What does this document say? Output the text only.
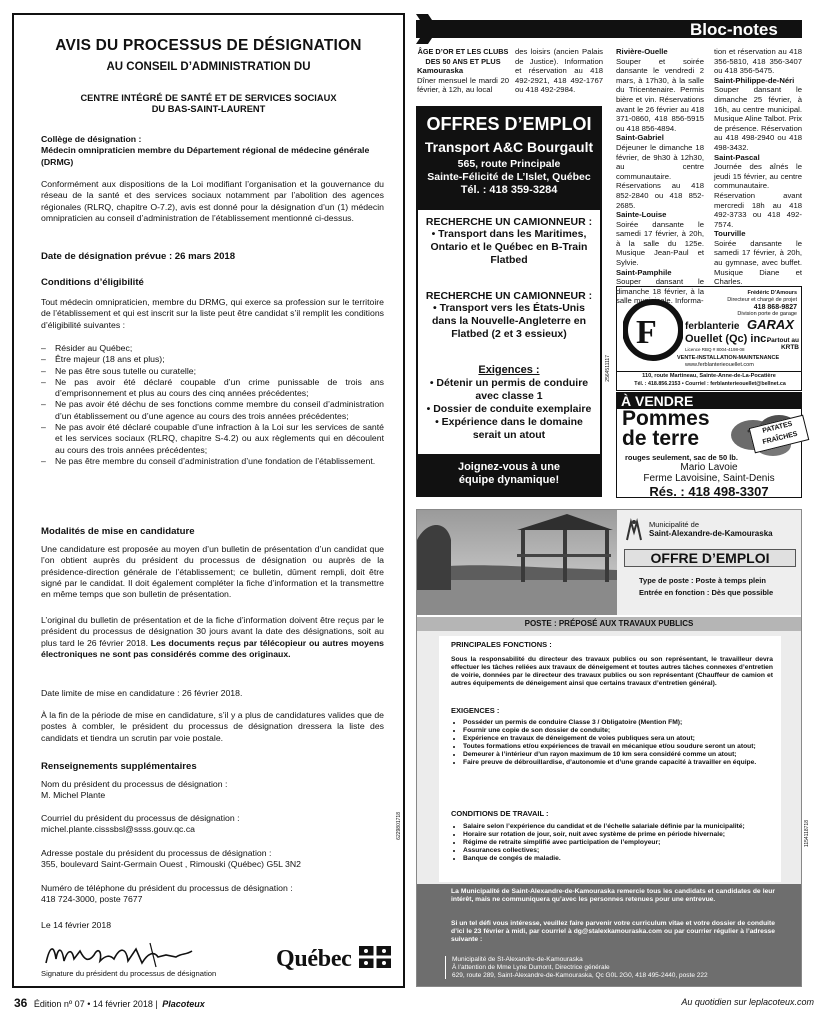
AVIS DU PROCESSUS DE DÉSIGNATION
AU CONSEIL D’ADMINISTRATION DU
CENTRE INTÉGRÉ DE SANTÉ ET DE SERVICES SOCIAUX
DU BAS-SAINT-LAURENT
Collège de désignation :
Médecin omnipraticien membre du Département régional de médecine générale (DRMG)
Conformément aux dispositions de la Loi modifiant l’organisation et la gouvernance du réseau de la santé et des services sociaux notamment par l’abolition des agences régionales (RLRQ, chapitre O-7.2), avis est donné pour la désignation d’un (1) médecin omnipraticien au conseil d’administration de l’établissement mentionné ci-dessus.
Date de désignation prévue : 26 mars 2018
Conditions d’éligibilité
Tout médecin omnipraticien, membre du DRMG, qui exerce sa profession sur le territoire de l’établissement et qui est inscrit sur la liste peut être candidat s’il remplit les conditions d’éligibilité suivantes :
– Résider au Québec;
– Être majeur (18 ans et plus);
– Ne pas être sous tutelle ou curatelle;
– Ne pas avoir été déclaré coupable d’un crime punissable de trois ans d’emprisonnement et plus au cours des cinq années précédentes;
– Ne pas avoir été déchu de ses fonctions comme membre du conseil d’administration d’un établissement ou d’une agence au cours des trois années précédentes;
– Ne pas avoir été déclaré coupable d’une infraction à la Loi sur les services de santé et les services sociaux (RLRQ, chapitre S-4.2) ou aux règlements qui en découlent au cours des trois années précédentes;
– Ne pas être membre du conseil d’administration d’une fondation de l’établissement.
Modalités de mise en candidature
Une candidature est proposée au moyen d’un bulletin de présentation d’un candidat que l’on obtient auprès du président du processus de désignation ou auprès de la présidence-direction générale de l’établissement; ce bulletin, dûment rempli, doit être signé par le candidat. Il doit également compléter la fiche d’information et la transmettre en même temps que son bulletin de présentation.
L’original du bulletin de présentation et de la fiche d’information doivent être reçus par le président du processus de désignation 30 jours avant la date des désignations, soit au plus tard le 26 février 2018. Les documents reçus par télécopieur ou autres moyens électroniques ne sont pas considérés comme des originaux.
Date limite de mise en candidature : 26 février 2018.
À la fin de la période de mise en candidature, s’il y a plus de candidatures valides que de postes à combler, le président du processus de désignation dressera la liste des candidats et tiendra un scrutin par voie postale.
Renseignements supplémentaires
Nom du président du processus de désignation :
M. Michel Plante
Courriel du président du processus de désignation :
michel.plante.cisssbsl@ssss.gouv.qc.ca
Adresse postale du président du processus de désignation :
355, boulevard Saint-Germain Ouest , Rimouski (Québec) G5L 3N2
Numéro de téléphone du président du processus de désignation :
418 724-3000, poste 7677
Le 14 février 2018
Signature du président du processus de désignation
Québec
6229801718
Bloc-notes
ÂGE D’OR ET LES CLUBS DES 50 ANS ET PLUS
Kamouraska
Dîner mensuel le mardi 20 février, à 12h, au local
des loisirs (ancien Palais de Justice). Information et réservation au 418 492-2921, 418 492-1767 ou 418 492-2984.
Rivière-Ouelle
Souper et soirée dansante le vendredi 2 mars, à 17h30, à la salle du Tricentenaire. Permis bière et vin. Réservations avant le 26 février au 418 371-0860, 418 856-5915 ou 418 856-4894.
Saint-Gabriel
Déjeuner le dimanche 18 février, de 9h30 à 12h30, au centre communautaire. Réservations au 418 852-2840 ou 418 852-2685.
Sainte-Louise
Soirée dansante le samedi 17 février, à 20h, à la salle du 125e. Musique Jean-Paul et Sylvie.
Saint-Pamphile
Souper dansant le dimanche 18 février, à la salle municipale. Informa-
tion et réservation au 418 356-5810, 418 356-3407 ou 418 356-5475.
Saint-Philippe-de-Néri
Souper dansant le dimanche 25 février, à 16h, au centre municipal. Musique Aline Talbot. Prix de présence. Réservation au 418 498-2940 ou 418 498-3432.
Saint-Pascal
Journée des aînés le jeudi 15 février, au centre communautaire. Réservation avant mercredi 18h au 418 492-3733 ou 418 492-7574.
Tourville
Soirée dansante le samedi 17 février, à 20h, au gymnase, avec buffet. Musique Diane et Charles.
OFFRES D’EMPLOI
Transport A&C Bourgault
565, route Principale
Sainte-Félicité de L’Islet, Québec
Tél. : 418 359-3284
RECHERCHE UN CAMIONNEUR :
• Transport dans les Maritimes, Ontario et le Québec en B-Train Flatbed
RECHERCHE UN CAMIONNEUR :
• Transport vers les États-Unis dans la Nouvelle-Angleterre en Flatbed (2 et 3 essieux)
Exigences :
• Détenir un permis de conduire avec classe 1
• Dossier de conduite exemplaire
• Expérience dans le domaine serait un atout
Joignez-vous à une équipe dynamique!
2564511117
F
Frédéric D’Amours
Directeur et chargé de projet
418 868-9827
Division porte de garage
ferblanterie
Ouellet (Qc) inc.
GARAX
Partout au KRTB
Licence RBQ # 8004-4198-08
VENTE-INSTALLATION-MAINTENANCE
www.ferblanterieouellet.com
110, route Martineau, Sainte-Anne-de-La-Pocatière
Tél. : 418.856.2153 • Courriel : ferblanterieouellet@bellnet.ca
À VENDRE
PATATES FRAÎCHES
Pommes
de terre
rouges seulement, sac de 50 lb.
Mario Lavoie
Ferme Lavoisine, Saint-Denis
Rés. : 418 498-3307
Municipalité de
Saint-Alexandre-de-Kamouraska
OFFRE D’EMPLOI
Type de poste : Poste à temps plein
Entrée en fonction : Dès que possible
POSTE : PRÉPOSÉ AUX TRAVAUX PUBLICS
PRINCIPALES FONCTIONS :
Sous la responsabilité du directeur des travaux publics ou son représentant, le travailleur devra effectuer les tâches reliées aux travaux de déneigement et toutes autres tâches connexes d’entretien de voirie, données par le directeur des travaux publics ou son représentant (Chauffeur de camion et autres équipements de déneigement ainsi que certains travaux d’entretien général).
EXIGENCES :
• Posséder un permis de conduire Classe 3 / Obligatoire (Mention FM);
• Fournir une copie de son dossier de conduite;
• Expérience en travaux de déneigement de voies publiques sera un atout;
• Toutes formations et/ou expériences de travail en mécanique et/ou soudure seront un atout;
• Demeurer à l’intérieur d’un rayon maximum de 10 km sera considéré comme un atout;
• Faire preuve de débrouillardise, d’autonomie et d’une grande capacité à travailler en équipe.
CONDITIONS DE TRAVAIL :
• Salaire selon l’expérience du candidat et de l’échelle salariale définie par la municipalité;
• Horaire sur rotation de jour, soir, nuit avec système de prime en période hivernale;
• Régime de retraite simplifié avec participation de l’employeur;
• Assurances collectives;
• Banque de congés de maladie.
La Municipalité de Saint-Alexandre-de-Kamouraska remercie tous les candidats et candidates de leur intérêt, mais ne communiquera qu’avec les personnes retenues pour une entrevue.
Si un tel défi vous intéresse, veuillez faire parvenir votre curriculum vitae et votre dossier de conduite d’ici le 23 février à midi, par courriel à dg@stalexkamouraska.com ou par courrier régulier à l’adresse suivante :
Municipalité de St-Alexandre-de-Kamouraska
À l’attention de Mme Lyne Dumont, Directrice générale
629, route 289, Saint-Alexandre-de-Kamouraska, Qc G0L 2G0, 418 495-2440, poste 222
1154118718
36 Édition nº 07 • 14 février 2018 | Placoteux	Au quotidien sur leplacoteux.com
